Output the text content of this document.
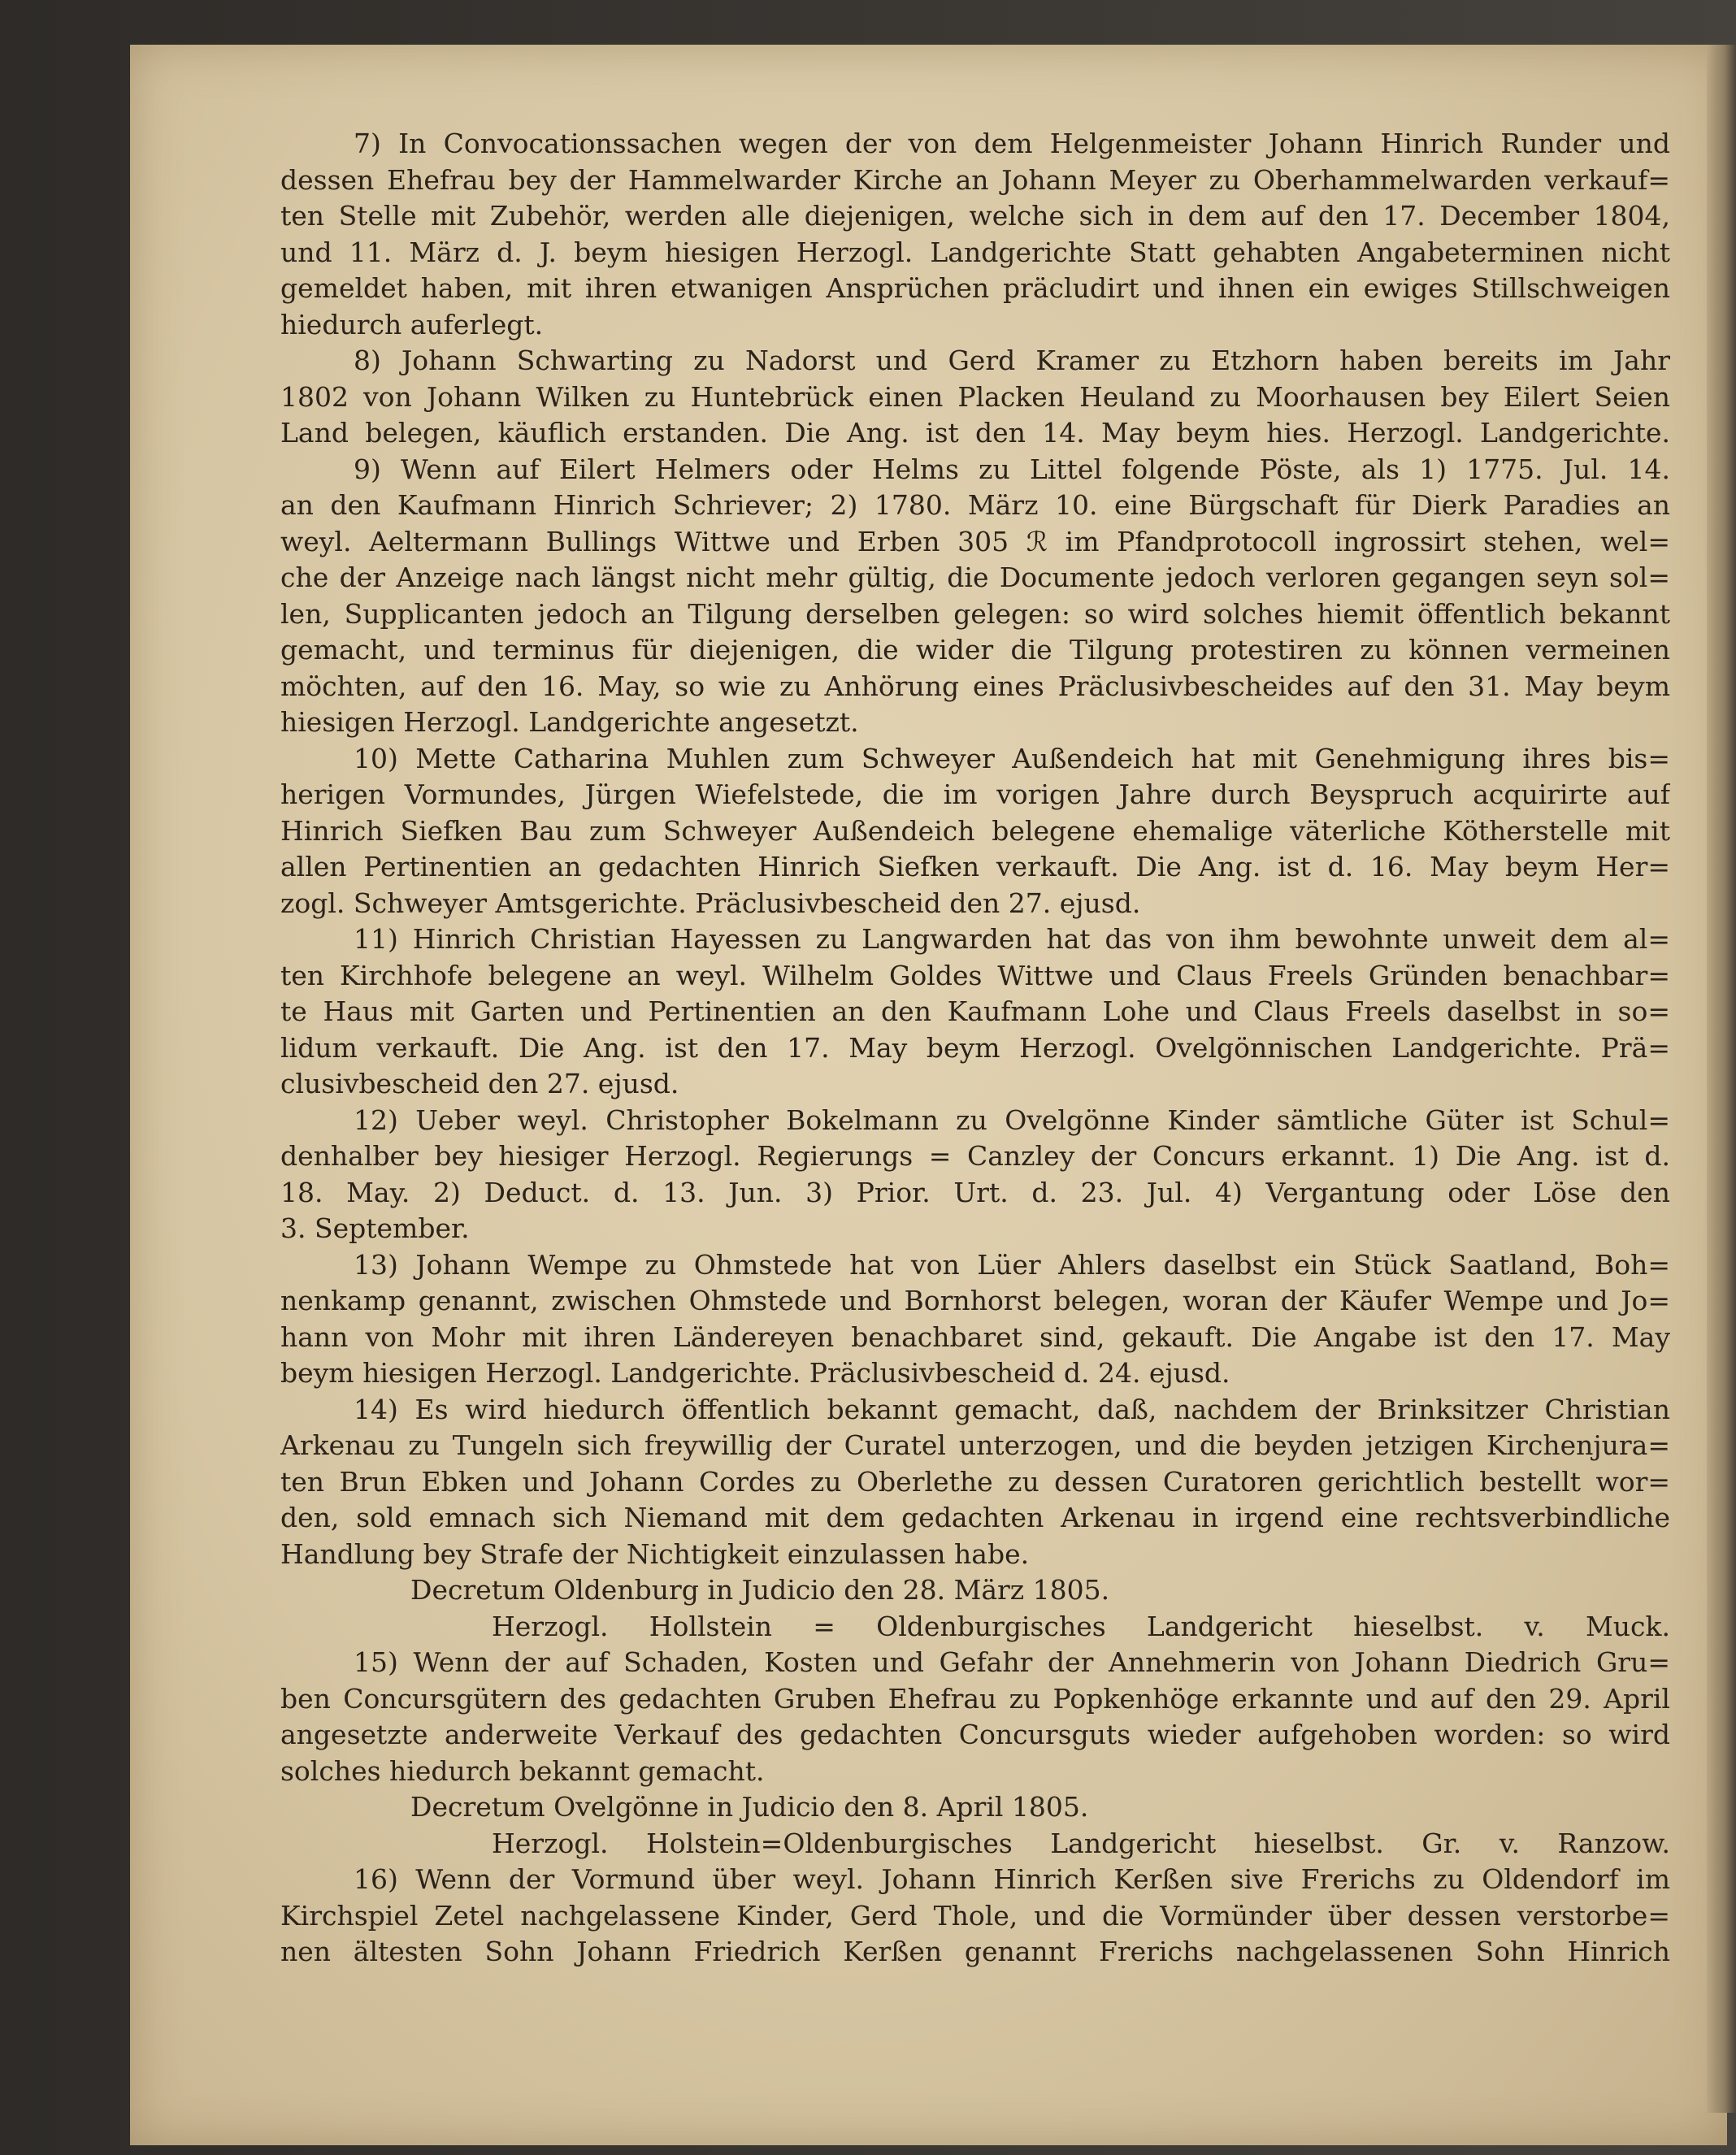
7) In Convocationssachen wegen der von dem Helgenmeister Johann Hinrich Runder und
dessen Ehefrau bey der Hammelwarder Kirche an Johann Meyer zu Oberhammelwarden verkauf=
ten Stelle mit Zubehör, werden alle diejenigen, welche sich in dem auf den 17. December 1804,
und 11. März d. J. beym hiesigen Herzogl. Landgerichte Statt gehabten Angabeterminen nicht
gemeldet haben, mit ihren etwanigen Ansprüchen präcludirt und ihnen ein ewiges Stillschweigen
hiedurch auferlegt.
8) Johann Schwarting zu Nadorst und Gerd Kramer zu Etzhorn haben bereits im Jahr
1802 von Johann Wilken zu Huntebrück einen Placken Heuland zu Moorhausen bey Eilert Seien
Land belegen, käuflich erstanden. Die Ang. ist den 14. May beym hies. Herzogl. Landgerichte.
9) Wenn auf Eilert Helmers oder Helms zu Littel folgende Pöste, als 1) 1775. Jul. 14.
an den Kaufmann Hinrich Schriever; 2) 1780. März 10. eine Bürgschaft für Dierk Paradies an
weyl. Aeltermann Bullings Wittwe und Erben 305 ℛ im Pfandprotocoll ingrossirt stehen, wel=
che der Anzeige nach längst nicht mehr gültig, die Documente jedoch verloren gegangen seyn sol=
len, Supplicanten jedoch an Tilgung derselben gelegen: so wird solches hiemit öffentlich bekannt
gemacht, und terminus für diejenigen, die wider die Tilgung protestiren zu können vermeinen
möchten, auf den 16. May, so wie zu Anhörung eines Präclusivbescheides auf den 31. May beym
hiesigen Herzogl. Landgerichte angesetzt.
10) Mette Catharina Muhlen zum Schweyer Außendeich hat mit Genehmigung ihres bis=
herigen Vormundes, Jürgen Wiefelstede, die im vorigen Jahre durch Beyspruch acquirirte auf
Hinrich Siefken Bau zum Schweyer Außendeich belegene ehemalige väterliche Kötherstelle mit
allen Pertinentien an gedachten Hinrich Siefken verkauft. Die Ang. ist d. 16. May beym Her=
zogl. Schweyer Amtsgerichte. Präclusivbescheid den 27. ejusd.
11) Hinrich Christian Hayessen zu Langwarden hat das von ihm bewohnte unweit dem al=
ten Kirchhofe belegene an weyl. Wilhelm Goldes Wittwe und Claus Freels Gründen benachbar=
te Haus mit Garten und Pertinentien an den Kaufmann Lohe und Claus Freels daselbst in so=
lidum verkauft. Die Ang. ist den 17. May beym Herzogl. Ovelgönnischen Landgerichte. Prä=
clusivbescheid den 27. ejusd.
12) Ueber weyl. Christopher Bokelmann zu Ovelgönne Kinder sämtliche Güter ist Schul=
denhalber bey hiesiger Herzogl. Regierungs = Canzley der Concurs erkannt. 1) Die Ang. ist d.
18. May. 2) Deduct. d. 13. Jun. 3) Prior. Urt. d. 23. Jul. 4) Vergantung oder Löse den
3. September.
13) Johann Wempe zu Ohmstede hat von Lüer Ahlers daselbst ein Stück Saatland, Boh=
nenkamp genannt, zwischen Ohmstede und Bornhorst belegen, woran der Käufer Wempe und Jo=
hann von Mohr mit ihren Ländereyen benachbaret sind, gekauft. Die Angabe ist den 17. May
beym hiesigen Herzogl. Landgerichte. Präclusivbescheid d. 24. ejusd.
14) Es wird hiedurch öffentlich bekannt gemacht, daß, nachdem der Brinksitzer Christian
Arkenau zu Tungeln sich freywillig der Curatel unterzogen, und die beyden jetzigen Kirchenjura=
ten Brun Ebken und Johann Cordes zu Oberlethe zu dessen Curatoren gerichtlich bestellt wor=
den, sold emnach sich Niemand mit dem gedachten Arkenau in irgend eine rechtsverbindliche
Handlung bey Strafe der Nichtigkeit einzulassen habe.
Decretum Oldenburg in Judicio den 28. März 1805.
Herzogl. Hollstein = Oldenburgisches Landgericht hieselbst. v. Muck.
15) Wenn der auf Schaden, Kosten und Gefahr der Annehmerin von Johann Diedrich Gru=
ben Concursgütern des gedachten Gruben Ehefrau zu Popkenhöge erkannte und auf den 29. April
angesetzte anderweite Verkauf des gedachten Concursguts wieder aufgehoben worden: so wird
solches hiedurch bekannt gemacht.
Decretum Ovelgönne in Judicio den 8. April 1805.
Herzogl. Holstein=Oldenburgisches Landgericht hieselbst. Gr. v. Ranzow.
16) Wenn der Vormund über weyl. Johann Hinrich Kerßen sive Frerichs zu Oldendorf im
Kirchspiel Zetel nachgelassene Kinder, Gerd Thole, und die Vormünder über dessen verstorbe=
nen ältesten Sohn Johann Friedrich Kerßen genannt Frerichs nachgelassenen Sohn Hinrich
